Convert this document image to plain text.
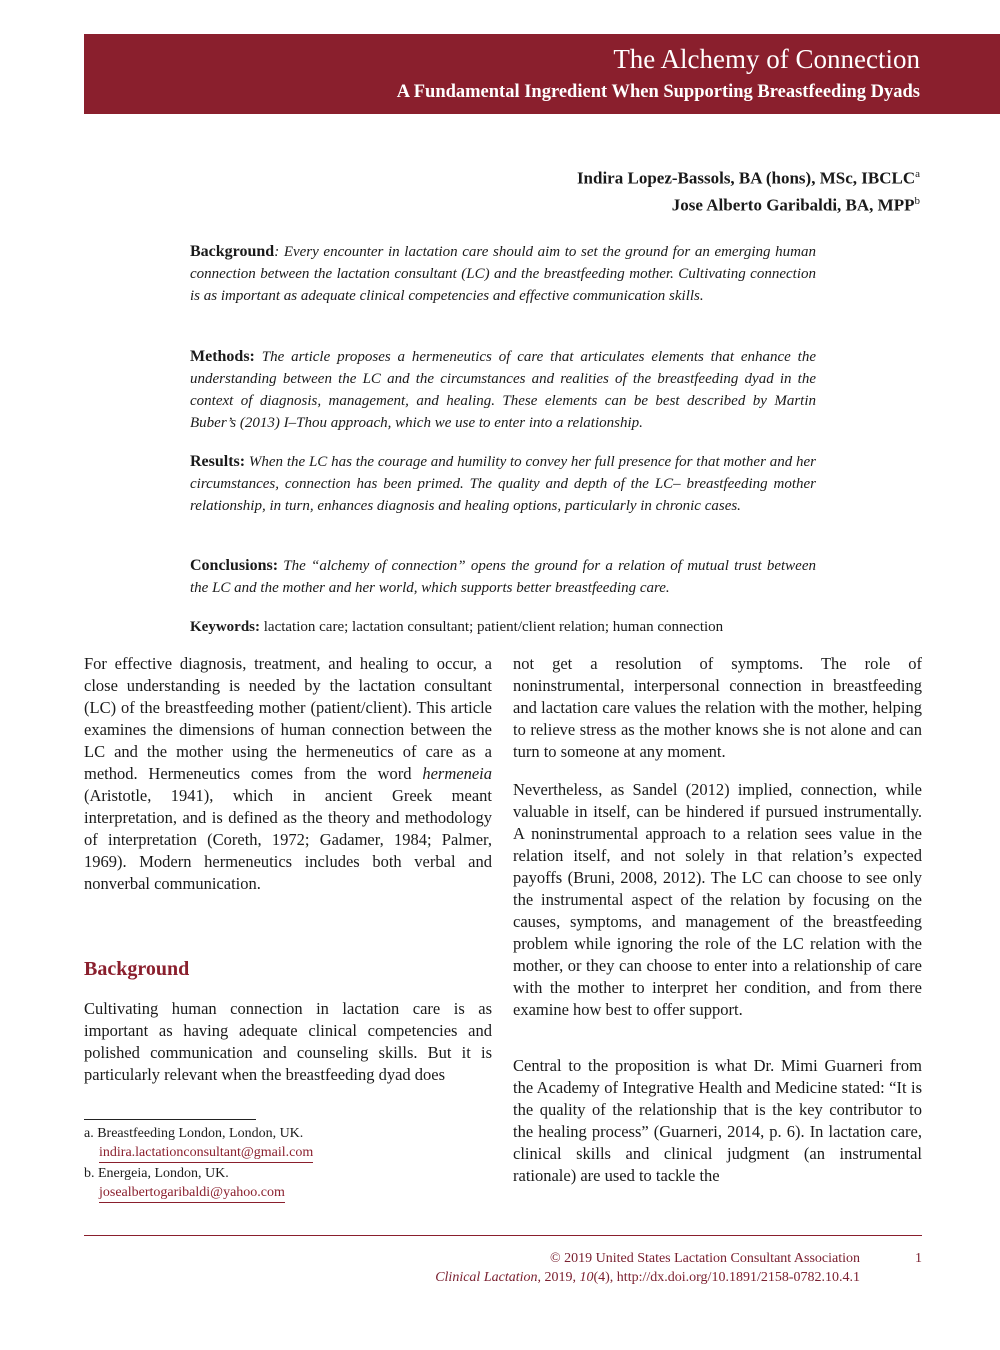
The Alchemy of Connection
A Fundamental Ingredient When Supporting Breastfeeding Dyads
Indira Lopez-Bassols, BA (hons), MSc, IBCLC$^a$
Jose Alberto Garibaldi, BA, MPP$^b$
Background: Every encounter in lactation care should aim to set the ground for an emerging human connection between the lactation consultant (LC) and the breastfeeding mother. Cultivating connection is as important as adequate clinical competencies and effective communication skills.
Methods: The article proposes a hermeneutics of care that articulates elements that enhance the understanding between the LC and the circumstances and realities of the breastfeeding dyad in the context of diagnosis, management, and healing. These elements can be best described by Martin Buber’s (2013) I–Thou approach, which we use to enter into a relationship.
Results: When the LC has the courage and humility to convey her full presence for that mother and her circumstances, connection has been primed. The quality and depth of the LC– breastfeeding mother relationship, in turn, enhances diagnosis and healing options, particularly in chronic cases.
Conclusions: The “alchemy of connection” opens the ground for a relation of mutual trust between the LC and the mother and her world, which supports better breastfeeding care.
Keywords: lactation care; lactation consultant; patient/client relation; human connection
For effective diagnosis, treatment, and healing to occur, a close understanding is needed by the lactation consultant (LC) of the breastfeeding mother (patient/client). This article examines the dimensions of human connection between the LC and the mother using the hermeneutics of care as a method. Hermeneutics comes from the word hermeneia (Aristotle, 1941), which in ancient Greek meant interpretation, and is defined as the theory and methodology of interpretation (Coreth, 1972; Gadamer, 1984; Palmer, 1969). Modern hermeneutics includes both verbal and nonverbal communication.
Background
Cultivating human connection in lactation care is as important as having adequate clinical competencies and polished communication and counseling skills. But it is particularly relevant when the breastfeeding dyad does
a. Breastfeeding London, London, UK.
indira.lactationconsultant@gmail.com
b. Energeia, London, UK.
josealbertogaribaldi@yahoo.com
not get a resolution of symptoms. The role of noninstrumental, interpersonal connection in breastfeeding and lactation care values the relation with the mother, helping to relieve stress as the mother knows she is not alone and can turn to someone at any moment.
Nevertheless, as Sandel (2012) implied, connection, while valuable in itself, can be hindered if pursued instrumentally. A noninstrumental approach to a relation sees value in the relation itself, and not solely in that relation’s expected payoffs (Bruni, 2008, 2012). The LC can choose to see only the instrumental aspect of the relation by focusing on the causes, symptoms, and management of the breastfeeding problem while ignoring the role of the LC relation with the mother, or they can choose to enter into a relationship of care with the mother to interpret her condition, and from there examine how best to offer support.
Central to the proposition is what Dr. Mimi Guarneri from the Academy of Integrative Health and Medicine stated: “It is the quality of the relationship that is the key contributor to the healing process” (Guarneri, 2014, p. 6). In lactation care, clinical skills and clinical judgment (an instrumental rationale) are used to tackle the
© 2019 United States Lactation Consultant Association	1
Clinical Lactation, 2019, 10(4), http://dx.doi.org/10.1891/2158-0782.10.4.1
